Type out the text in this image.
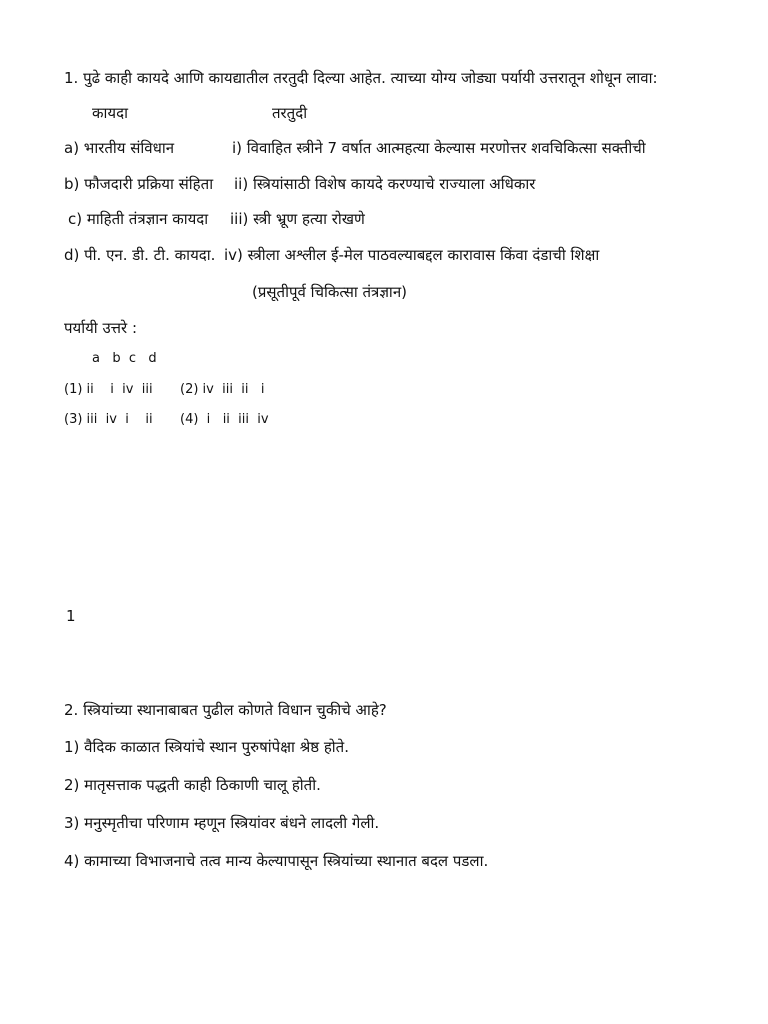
1. पुढे काही कायदे आणि कायद्यातील तरतुदी दिल्या आहेत. त्याच्या योग्य जोड्या पर्यायी उत्तरातून शोधून लावा:
कायदा	तरतुदी
a) भारतीय संविधान	i) विवाहित स्त्रीने 7 वर्षात आत्महत्या केल्यास मरणोत्तर शवचिकित्सा सक्तीची
b) फौजदारी प्रक्रिया संहिता ii) स्त्रियांसाठी विशेष कायदे करण्याचे राज्याला अधिकार
c) माहिती तंत्रज्ञान कायदा iii) स्त्री भ्रूण हत्या रोखणे
d) पी. एन. डी. टी. कायदा. iv) स्त्रीला अश्लील ई-मेल पाठवल्याबद्दल कारावास किंवा दंडाची शिक्षा
(प्रसूतीपूर्व चिकित्सा तंत्रज्ञान)
पर्यायी उत्तरे :
a   b  c   d
(1) ii    i  iv  iii (2) iv  iii  ii   i
(3) iii  iv  i    ii (4)  i   ii  iii  iv
1
2. स्त्रियांच्या स्थानाबाबत पुढील कोणते विधान चुकीचे आहे?
1) वैदिक काळात स्त्रियांचे स्थान पुरुषांपेक्षा श्रेष्ठ होते.
2) मातृसत्ताक पद्धती काही ठिकाणी चालू होती.
3) मनुस्मृतीचा परिणाम म्हणून स्त्रियांवर बंधने लादली गेली.
4) कामाच्या विभाजनाचे तत्व मान्य केल्यापासून स्त्रियांच्या स्थानात बदल पडला.
